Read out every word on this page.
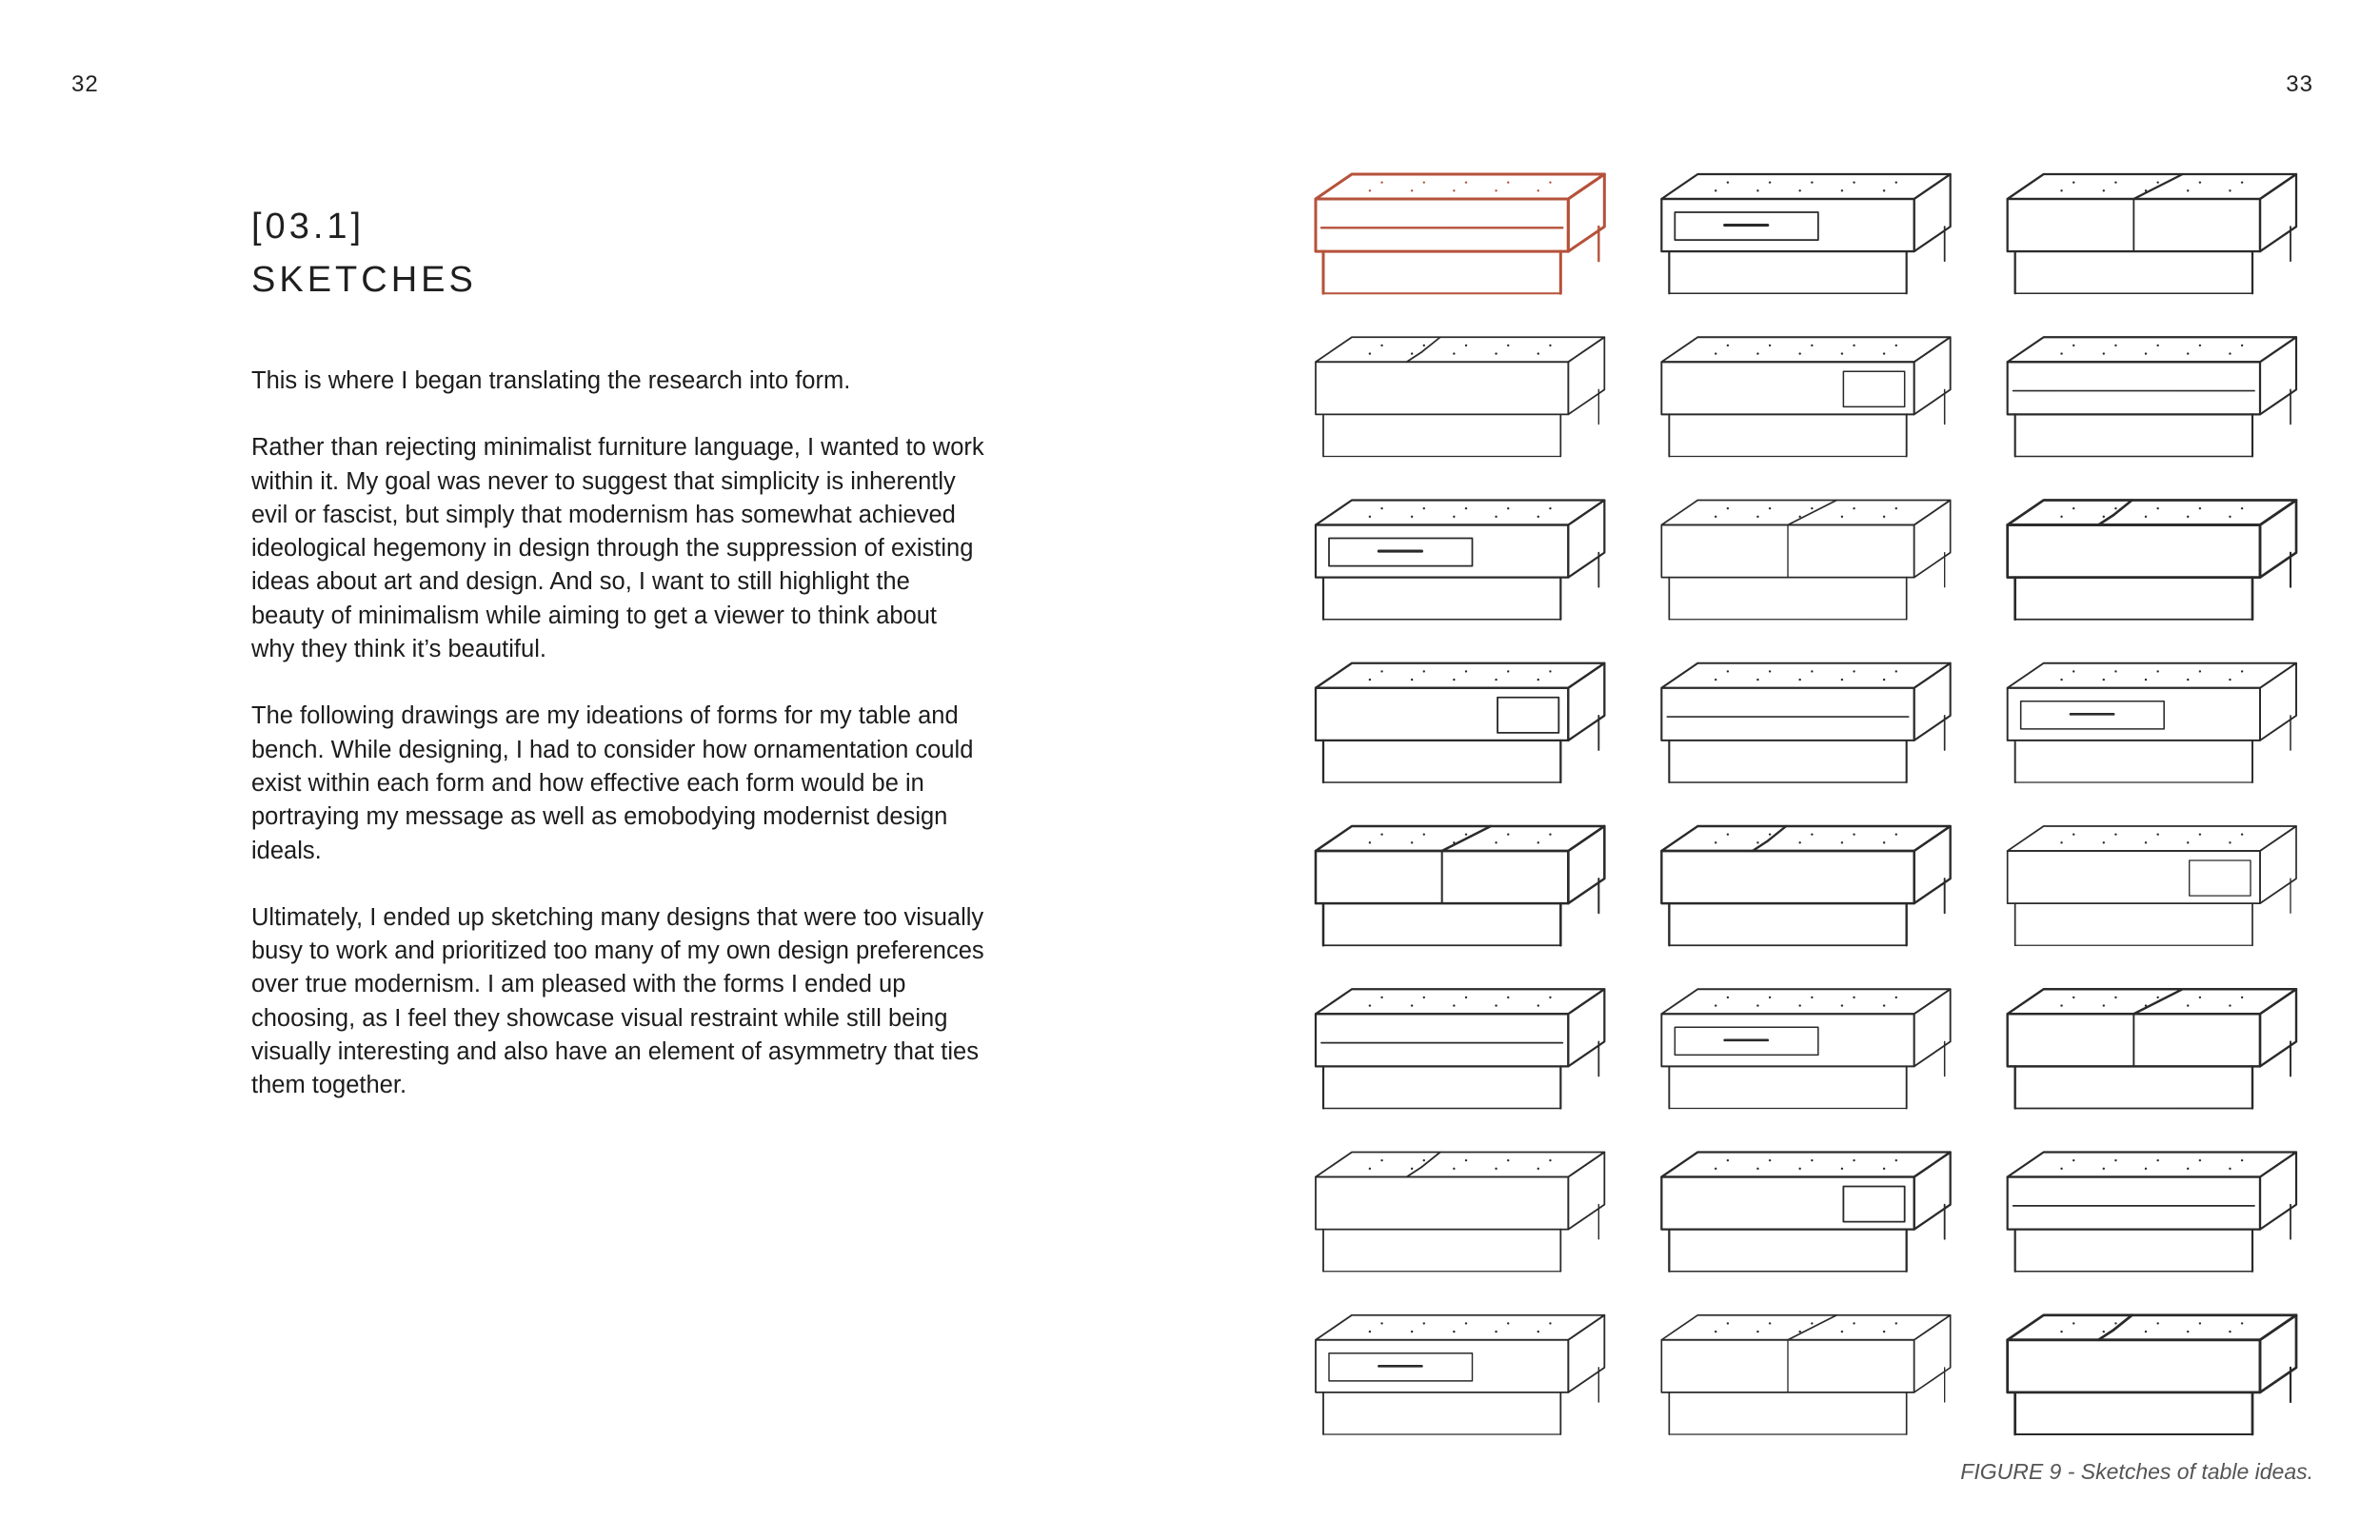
32	33
[03.1]
SKETCHES

This is where I began translating the research into form.

Rather than rejecting minimalist furniture language, I wanted to work within it. My goal was never to suggest that simplicity is inherently evil or fascist, but simply that modernism has somewhat achieved ideological hegemony in design through the suppression of existing ideas about art and design. And so, I want to still highlight the beauty of minimalism while aiming to get a viewer to think about why they think it’s beautiful.

The following drawings are my ideations of forms for my table and bench. While designing, I had to consider how ornamentation could exist within each form and how effective each form would be in portraying my message as well as emobodying modernist design ideals.

Ultimately, I ended up sketching many designs that were too visually busy to work and prioritized too many of my own design preferences over true modernism. I am pleased with the forms I ended up choosing, as I feel they showcase visual restraint while still being visually interesting and also have an element of asymmetry that ties them together.

FIGURE 9 - Sketches of table ideas.
